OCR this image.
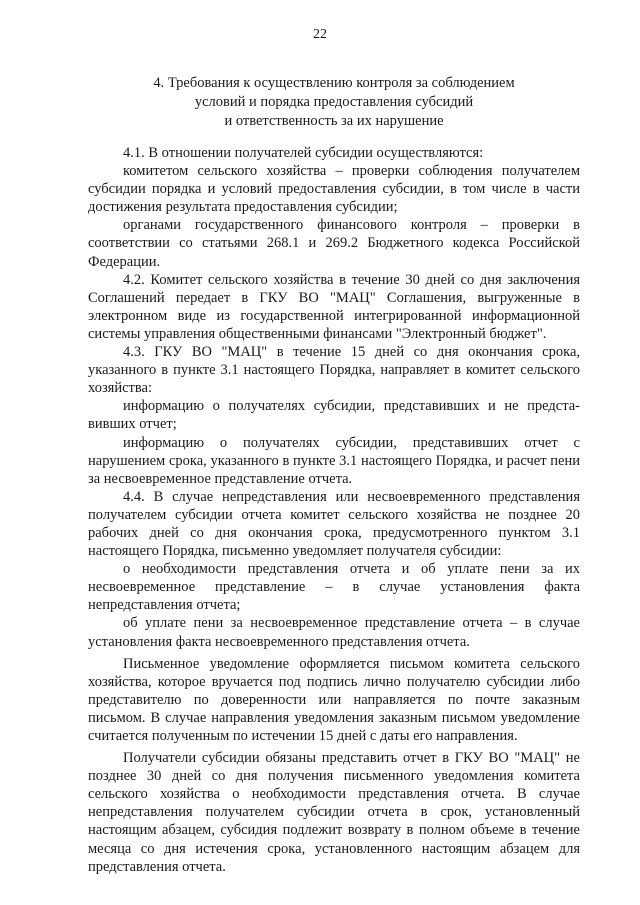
22
4. Требования к осуществлению контроля за соблюдением
условий и порядка предоставления субсидий
и ответственность за их нарушение

4.1. В отношении получателей субсидии осуществляются:

комитетом сельского хозяйства – проверки соблюдения получателем субсидии порядка и условий предоставления субсидии, в том числе в части достижения результата предоставления субсидии;

органами государственного финансового контроля – проверки в соответствии со статьями 268.1 и 269.2 Бюджетного кодекса Российской Федерации.

4.2. Комитет сельского хозяйства в течение 30 дней со дня заключения Соглашений передает в ГКУ ВО "МАЦ" Соглашения, выгруженные в электронном виде из государственной интегрированной информационной системы управления общественными финансами "Электронный бюджет".

4.3. ГКУ ВО "МАЦ" в течение 15 дней со дня окончания срока, указанного в пункте 3.1 настоящего Порядка, направляет в комитет сельского хозяйства:

информацию о получателях субсидии, представивших и не предста-вивших отчет;

информацию о получателях субсидии, представивших отчет с нарушением срока, указанного в пункте 3.1 настоящего Порядка, и расчет пени за несвоевременное представление отчета.

4.4. В случае непредставления или несвоевременного представления получателем субсидии отчета комитет сельского хозяйства не позднее 20 рабочих дней со дня окончания срока, предусмотренного пунктом 3.1 настоящего Порядка, письменно уведомляет получателя субсидии:

о необходимости представления отчета и об уплате пени за их несвоевременное представление – в случае установления факта непредставления отчета;

об уплате пени за несвоевременное представление отчета – в случае установления факта несвоевременного представления отчета.

Письменное уведомление оформляется письмом комитета сельского хозяйства, которое вручается под подпись лично получателю субсидии либо представителю по доверенности или направляется по почте заказным письмом. В случае направления уведомления заказным письмом уведомление считается полученным по истечении 15 дней с даты его направления.

Получатели субсидии обязаны представить отчет в ГКУ ВО "МАЦ" не позднее 30 дней со дня получения письменного уведомления комитета сельского хозяйства о необходимости представления отчета. В случае непредставления получателем субсидии отчета в срок, установленный настоящим абзацем, субсидия подлежит возврату в полном объеме в течение месяца со дня истечения срока, установленного настоящим абзацем для представления отчета.
